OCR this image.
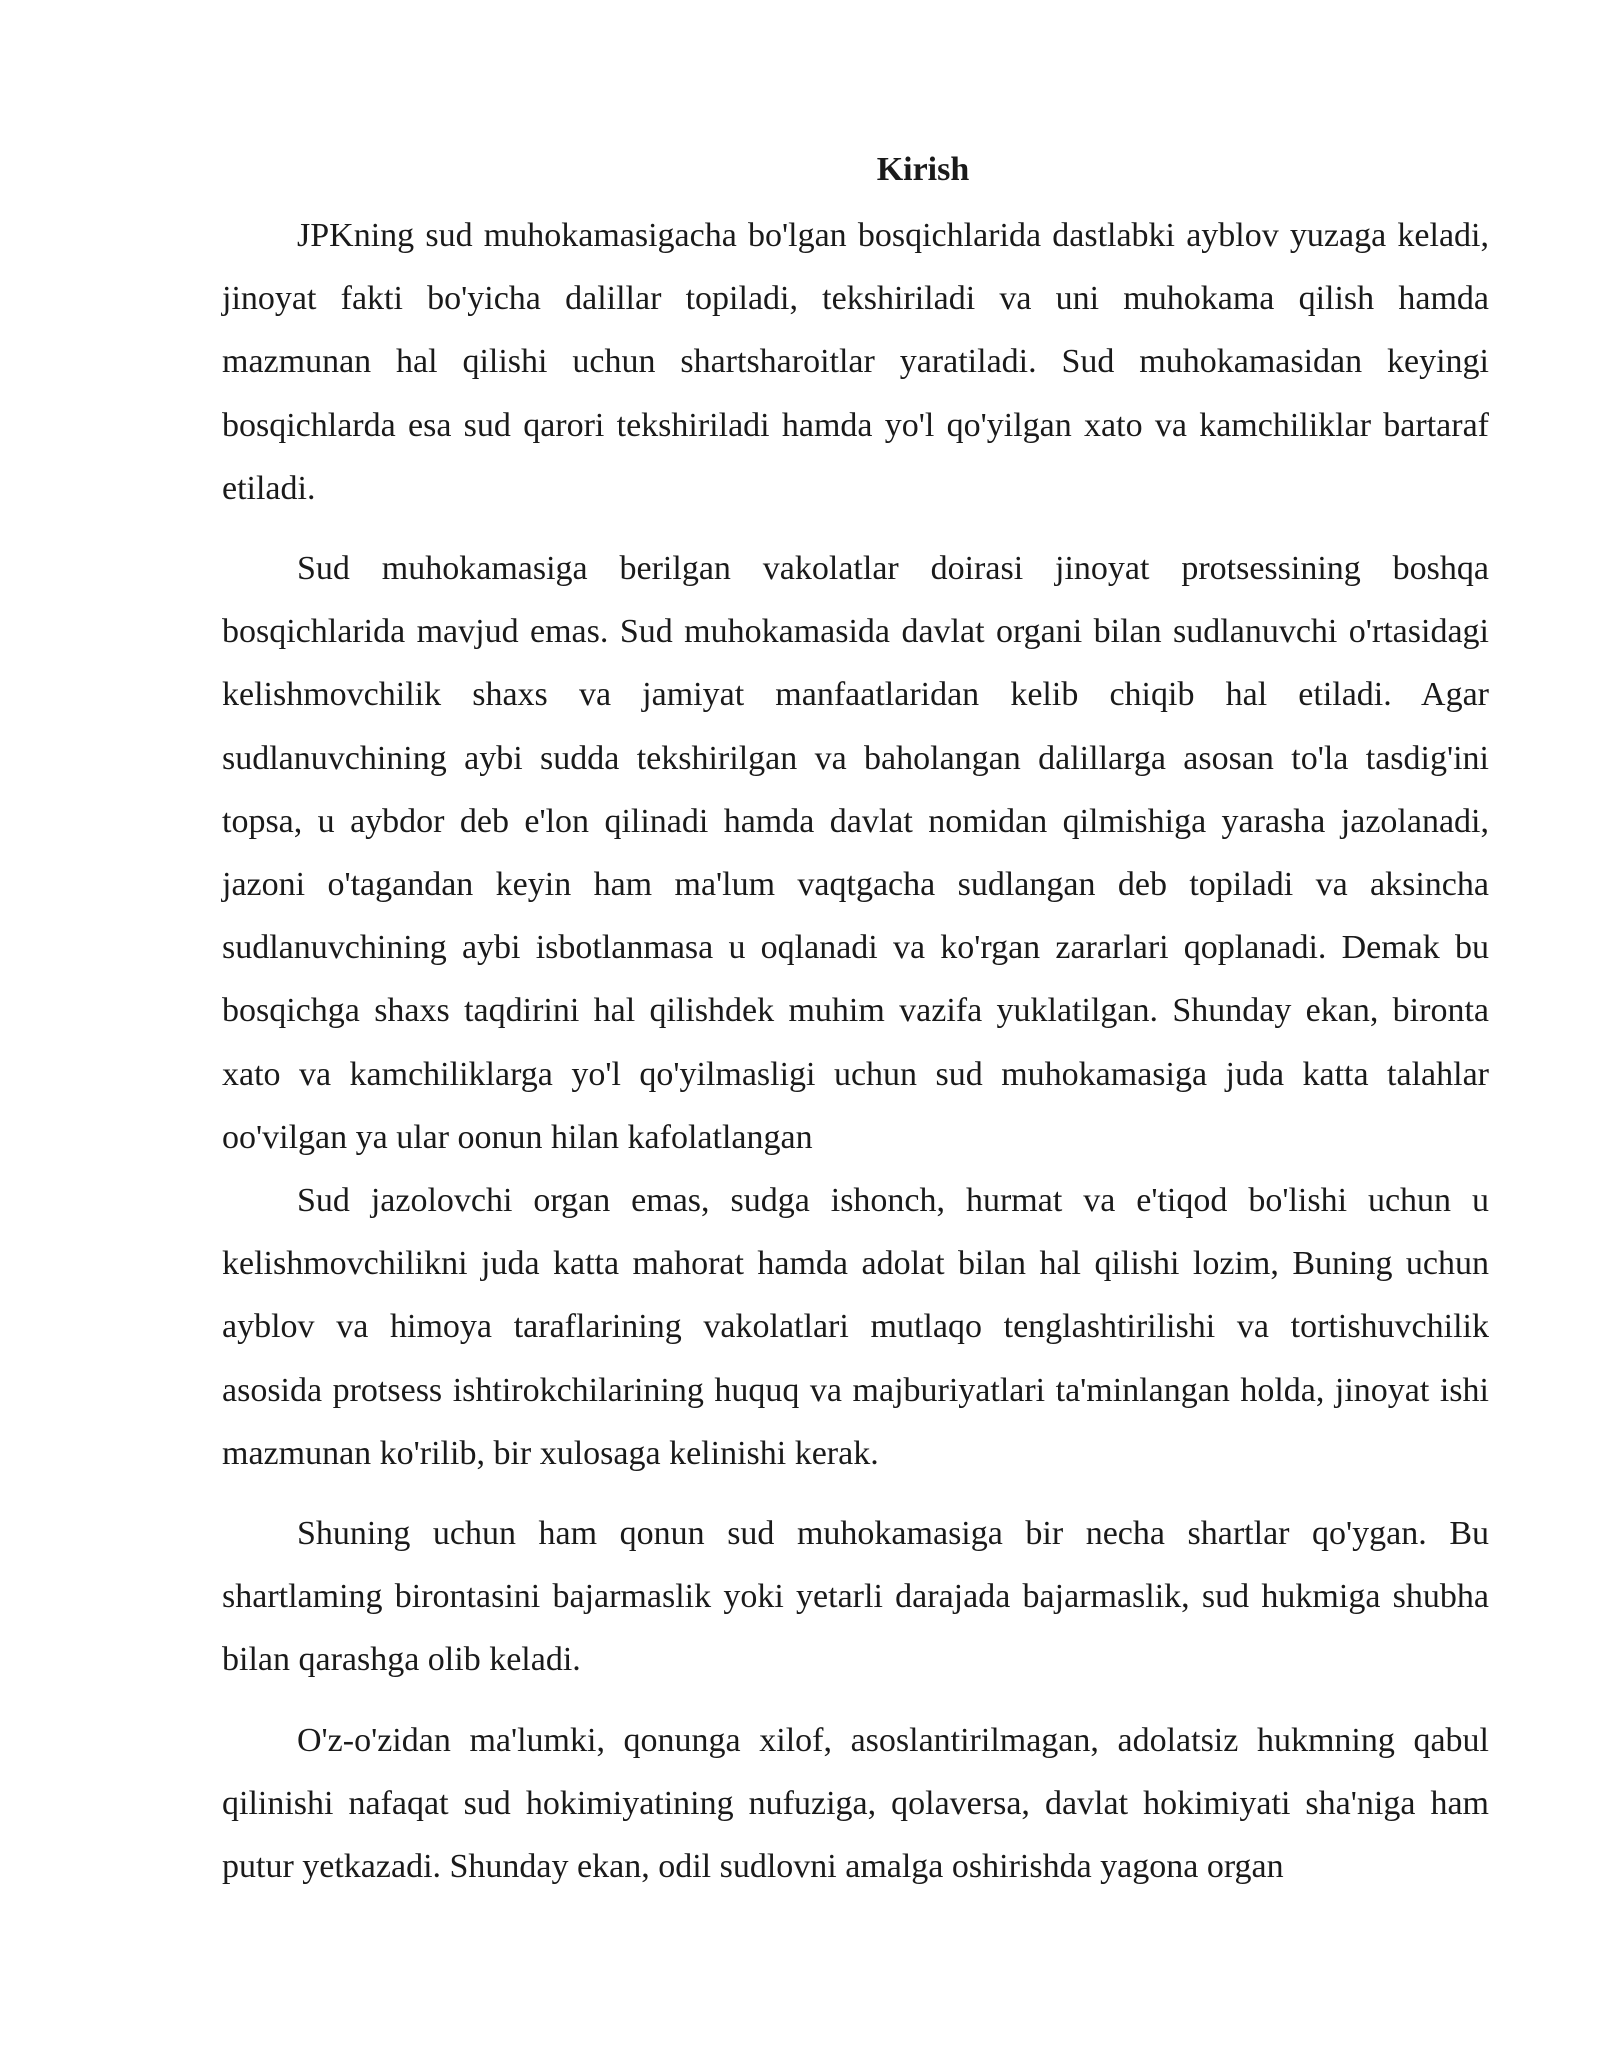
Kirish

JPKning sud muhokamasigacha bo'lgan bosqichlarida dastlabki ayblov yuzaga keladi, jinoyat fakti bo'yicha dalillar topiladi, tekshiriladi va uni muhokama qilish hamda mazmunan hal qilishi uchun shartsharoitlar yaratiladi. Sud muhokamasidan keyingi bosqichlarda esa sud qarori tekshiriladi hamda yo'l qo'yilgan xato va kamchiliklar bartaraf etiladi.

Sud muhokamasiga berilgan vakolatlar doirasi jinoyat protsessining boshqa bosqichlarida mavjud emas. Sud muhokamasida davlat organi bilan sudlanuvchi o'rtasidagi kelishmovchilik shaxs va jamiyat manfaatlaridan kelib chiqib hal etiladi. Agar sudlanuvchining aybi sudda tekshirilgan va baholangan dalillarga asosan to'la tasdig'ini topsa, u aybdor deb e'lon qilinadi hamda davlat nomidan qilmishiga yarasha jazolanadi, jazoni o'tagandan keyin ham ma'lum vaqtgacha sudlangan deb topiladi va aksincha sudlanuvchining aybi isbotlanmasa u oqlanadi va ko'rgan zararlari qoplanadi. Demak bu bosqichga shaxs taqdirini hal qilishdek muhim vazifa yuklatilgan. Shunday ekan, bironta xato va kamchiliklarga yo'l qo'yilmasligi uchun sud muhokamasiga juda katta talahlar oo'vilgan ya ular oonun hilan kafolatlangan

Sud jazolovchi organ emas, sudga ishonch, hurmat va e'tiqod bo'lishi uchun u kelishmovchilikni juda katta mahorat hamda adolat bilan hal qilishi lozim, Buning uchun ayblov va himoya taraflarining vakolatlari mutlaqo tenglashtirilishi va tortishuvchilik asosida protsess ishtirokchilarining huquq va majburiyatlari ta'minlangan holda, jinoyat ishi mazmunan ko'rilib, bir xulosaga kelinishi kerak.

Shuning uchun ham qonun sud muhokamasiga bir necha shartlar qo'ygan. Bu shartlaming birontasini bajarmaslik yoki yetarli darajada bajarmaslik, sud hukmiga shubha bilan qarashga olib keladi.

O'z-o'zidan ma'lumki, qonunga xilof, asoslantirilmagan, adolatsiz hukmning qabul qilinishi nafaqat sud hokimiyatining nufuziga, qolaversa, davlat hokimiyati sha'niga ham putur yetkazadi. Shunday ekan, odil sudlovni amalga oshirishda yagona organ
